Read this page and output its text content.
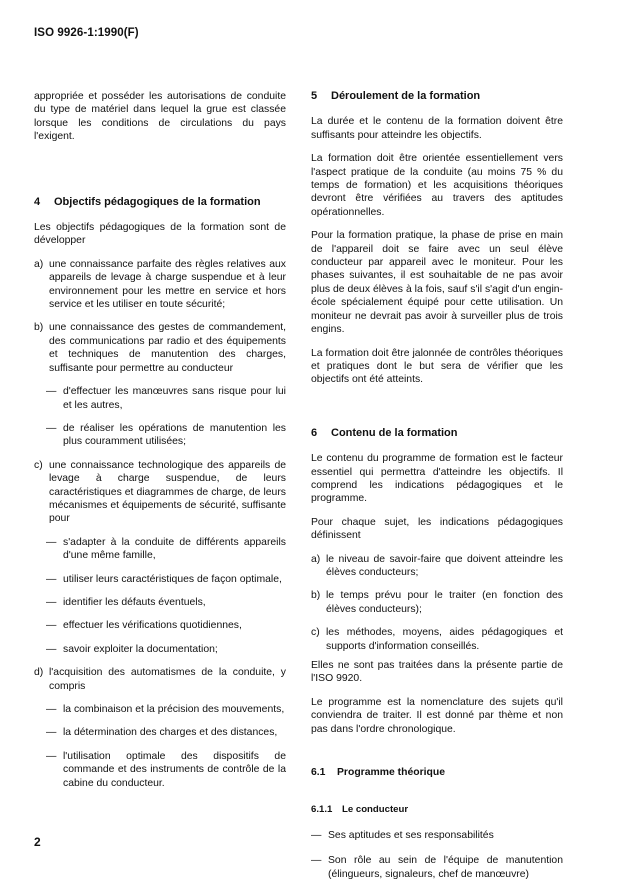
ISO 9926-1:1990(F)

appropriée et posséder les autorisations de conduite du type de matériel dans lequel la grue est classée lorsque les conditions de circulations du pays l'exigent.

4	Objectifs pédagogiques de la formation

Les objectifs pédagogiques de la formation sont de développer

a) une connaissance parfaite des règles relatives aux appareils de levage à charge suspendue et à leur environnement pour les mettre en service et hors service et les utiliser en toute sécurité;
b) une connaissance des gestes de commandement, des communications par radio et des équipements et techniques de manutention des charges, suffisante pour permettre au conducteur
— d'effectuer les manœuvres sans risque pour lui et les autres,
— de réaliser les opérations de manutention les plus couramment utilisées;
c) une connaissance technologique des appareils de levage à charge suspendue, de leurs caractéristiques et diagrammes de charge, de leurs mécanismes et équipements de sécurité, suffisante pour
— s'adapter à la conduite de différents appareils d'une même famille,
— utiliser leurs caractéristiques de façon optimale,
— identifier les défauts éventuels,
— effectuer les vérifications quotidiennes,
— savoir exploiter la documentation;
d) l'acquisition des automatismes de la conduite, y compris
— la combinaison et la précision des mouvements,
— la détermination des charges et des distances,
— l'utilisation optimale des dispositifs de commande et des instruments de contrôle de la cabine du conducteur.
5	Déroulement de la formation

La durée et le contenu de la formation doivent être suffisants pour atteindre les objectifs.

La formation doit être orientée essentiellement vers l'aspect pratique de la conduite (au moins 75 % du temps de formation) et les acquisitions théoriques devront être vérifiées au travers des aptitudes opérationnelles.

Pour la formation pratique, la phase de prise en main de l'appareil doit se faire avec un seul élève conducteur par appareil avec le moniteur. Pour les phases suivantes, il est souhaitable de ne pas avoir plus de deux élèves à la fois, sauf s'il s'agit d'un engin-école spécialement équipé pour cette utilisation. Un moniteur ne devrait pas avoir à surveiller plus de trois engins.

La formation doit être jalonnée de contrôles théoriques et pratiques dont le but sera de vérifier que les objectifs ont été atteints.

6	Contenu de la formation

Le contenu du programme de formation est le facteur essentiel qui permettra d'atteindre les objectifs. Il comprend les indications pédagogiques et le programme.

Pour chaque sujet, les indications pédagogiques définissent

a) le niveau de savoir-faire que doivent atteindre les élèves conducteurs;
b) le temps prévu pour le traiter (en fonction des élèves conducteurs);
c) les méthodes, moyens, aides pédagogiques et supports d'information conseillés.

Elles ne sont pas traitées dans la présente partie de l'ISO 9920.

Le programme est la nomenclature des sujets qu'il conviendra de traiter. Il est donné par thème et non pas dans l'ordre chronologique.

6.1	Programme théorique
6.1.1	Le conducteur
— Ses aptitudes et ses responsabilités
— Son rôle au sein de l'équipe de manutention (élingueurs, signaleurs, chef de manœuvre)
2
